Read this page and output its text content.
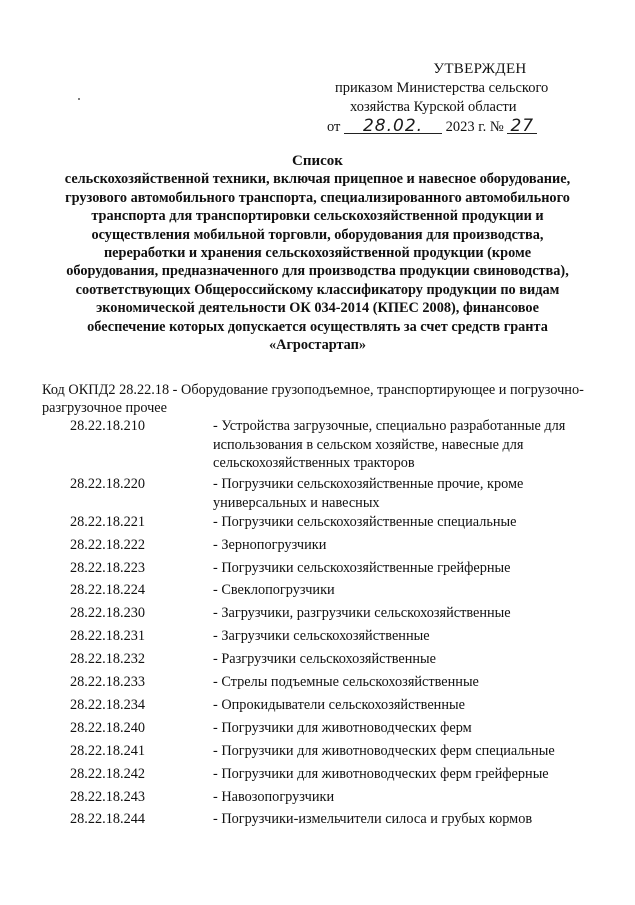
УТВЕРЖДЕН
приказом Министерства сельского
хозяйства Курской области
от 28.02. 2023 г. № 27
Список
сельскохозяйственной техники, включая прицепное и навесное оборудование, грузового автомобильного транспорта, специализированного автомобильного транспорта для транспортировки сельскохозяйственной продукции и осуществления мобильной торговли, оборудования для производства, переработки и хранения сельскохозяйственной продукции (кроме оборудования, предназначенного для производства продукции свиноводства), соответствующих Общероссийскому классификатору продукции по видам экономической деятельности ОК 034-2014 (КПЕС 2008), финансовое обеспечение которых допускается осуществлять за счет средств гранта «Агростартап»
Код ОКПД2 28.22.18 - Оборудование грузоподъемное, транспортирующее и погрузочно-разгрузочное прочее
28.22.18.210	- Устройства загрузочные, специально разработанные для использования в сельском хозяйстве, навесные для сельскохозяйственных тракторов
28.22.18.220	- Погрузчики сельскохозяйственные прочие, кроме универсальных и навесных
28.22.18.221	- Погрузчики сельскохозяйственные специальные
28.22.18.222	- Зернопогрузчики
28.22.18.223	- Погрузчики сельскохозяйственные грейферные
28.22.18.224	- Свеклопогрузчики
28.22.18.230	- Загрузчики, разгрузчики сельскохозяйственные
28.22.18.231	- Загрузчики сельскохозяйственные
28.22.18.232	- Разгрузчики сельскохозяйственные
28.22.18.233	- Стрелы подъемные сельскохозяйственные
28.22.18.234	- Опрокидыватели сельскохозяйственные
28.22.18.240	- Погрузчики для животноводческих ферм
28.22.18.241	- Погрузчики для животноводческих ферм специальные
28.22.18.242	- Погрузчики для животноводческих ферм грейферные
28.22.18.243	- Навозопогрузчики
28.22.18.244	- Погрузчики-измельчители силоса и грубых кормов
